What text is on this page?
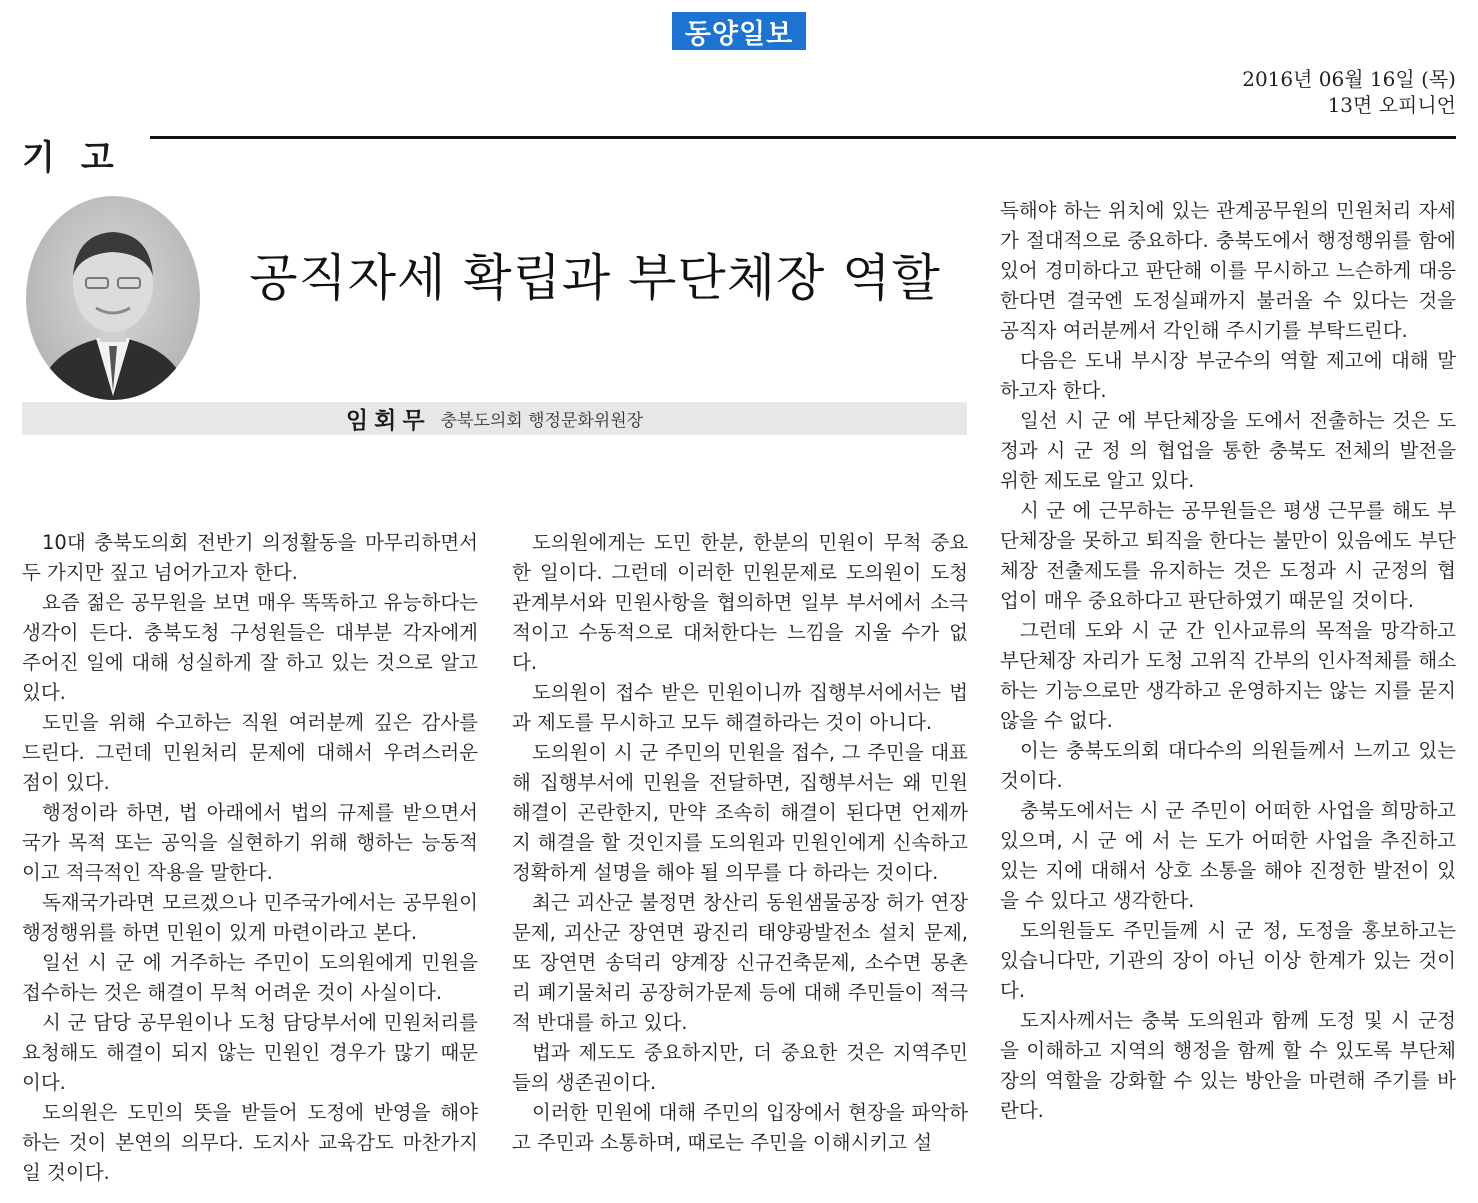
동양일보
2016년 06월 16일 (목)
13면 오피니언
기고
공직자세 확립과 부단체장 역할
임회무 충북도의회 행정문화위원장

10대 충북도의회 전반기 의정활동을 마무리하면서 두 가지만 짚고 넘어가고자 한다.

요즘 젊은 공무원을 보면 매우 똑똑하고 유능하다는 생각이 든다. 충북도청 구성원들은 대부분 각자에게 주어진 일에 대해 성실하게 잘 하고 있는 것으로 알고 있다.

도민을 위해 수고하는 직원 여러분께 깊은 감사를 드린다. 그런데 민원처리 문제에 대해서 우려스러운 점이 있다.

행정이라 하면, 법 아래에서 법의 규제를 받으면서 국가 목적 또는 공익을 실현하기 위해 행하는 능동적이고 적극적인 작용을 말한다.

독재국가라면 모르겠으나 민주국가에서는 공무원이 행정행위를 하면 민원이 있게 마련이라고 본다.

일선 시 군 에 거주하는 주민이 도의원에게 민원을 접수하는 것은 해결이 무척 어려운 것이 사실이다.

시 군 담당 공무원이나 도청 담당부서에 민원처리를 요청해도 해결이 되지 않는 민원인 경우가 많기 때문이다.

도의원은 도민의 뜻을 받들어 도정에 반영을 해야 하는 것이 본연의 의무다. 도지사 교육감도 마찬가지일 것이다.

도의원에게는 도민 한분, 한분의 민원이 무척 중요한 일이다. 그런데 이러한 민원문제로 도의원이 도청 관계부서와 민원사항을 협의하면 일부 부서에서 소극적이고 수동적으로 대처한다는 느낌을 지울 수가 없다.

도의원이 접수 받은 민원이니까 집행부서에서는 법과 제도를 무시하고 모두 해결하라는 것이 아니다.

도의원이 시 군 주민의 민원을 접수, 그 주민을 대표해 집행부서에 민원을 전달하면, 집행부서는 왜 민원해결이 곤란한지, 만약 조속히 해결이 된다면 언제까지 해결을 할 것인지를 도의원과 민원인에게 신속하고 정확하게 설명을 해야 될 의무를 다 하라는 것이다.

최근 괴산군 불정면 창산리 동원샘물공장 허가 연장문제, 괴산군 장연면 광진리 태양광발전소 설치 문제, 또 장연면 송덕리 양계장 신규건축문제, 소수면 몽촌리 폐기물처리 공장허가문제 등에 대해 주민들이 적극적 반대를 하고 있다.

법과 제도도 중요하지만, 더 중요한 것은 지역주민들의 생존권이다.

이러한 민원에 대해 주민의 입장에서 현장을 파악하고 주민과 소통하며, 때로는 주민을 이해시키고 설

득해야 하는 위치에 있는 관계공무원의 민원처리 자세가 절대적으로 중요하다. 충북도에서 행정행위를 함에 있어 경미하다고 판단해 이를 무시하고 느슨하게 대응한다면 결국엔 도정실패까지 불러올 수 있다는 것을 공직자 여러분께서 각인해 주시기를 부탁드린다.

다음은 도내 부시장 부군수의 역할 제고에 대해 말하고자 한다.

일선 시 군 에 부단체장을 도에서 전출하는 것은 도정과 시 군 정 의 협업을 통한 충북도 전체의 발전을 위한 제도로 알고 있다.

시 군 에 근무하는 공무원들은 평생 근무를 해도 부단체장을 못하고 퇴직을 한다는 불만이 있음에도 부단체장 전출제도를 유지하는 것은 도정과 시 군정의 협업이 매우 중요하다고 판단하였기 때문일 것이다.

그런데 도와 시 군 간 인사교류의 목적을 망각하고 부단체장 자리가 도청 고위직 간부의 인사적체를 해소하는 기능으로만 생각하고 운영하지는 않는 지를 묻지 않을 수 없다.

이는 충북도의회 대다수의 의원들께서 느끼고 있는 것이다.

충북도에서는 시 군 주민이 어떠한 사업을 희망하고 있으며, 시 군 에 서 는 도가 어떠한 사업을 추진하고 있는 지에 대해서 상호 소통을 해야 진정한 발전이 있을 수 있다고 생각한다.

도의원들도 주민들께 시 군 정, 도정을 홍보하고는 있습니다만, 기관의 장이 아닌 이상 한계가 있는 것이다.

도지사께서는 충북 도의원과 함께 도정 및 시 군정을 이해하고 지역의 행정을 함께 할 수 있도록 부단체장의 역할을 강화할 수 있는 방안을 마련해 주기를 바란다.
